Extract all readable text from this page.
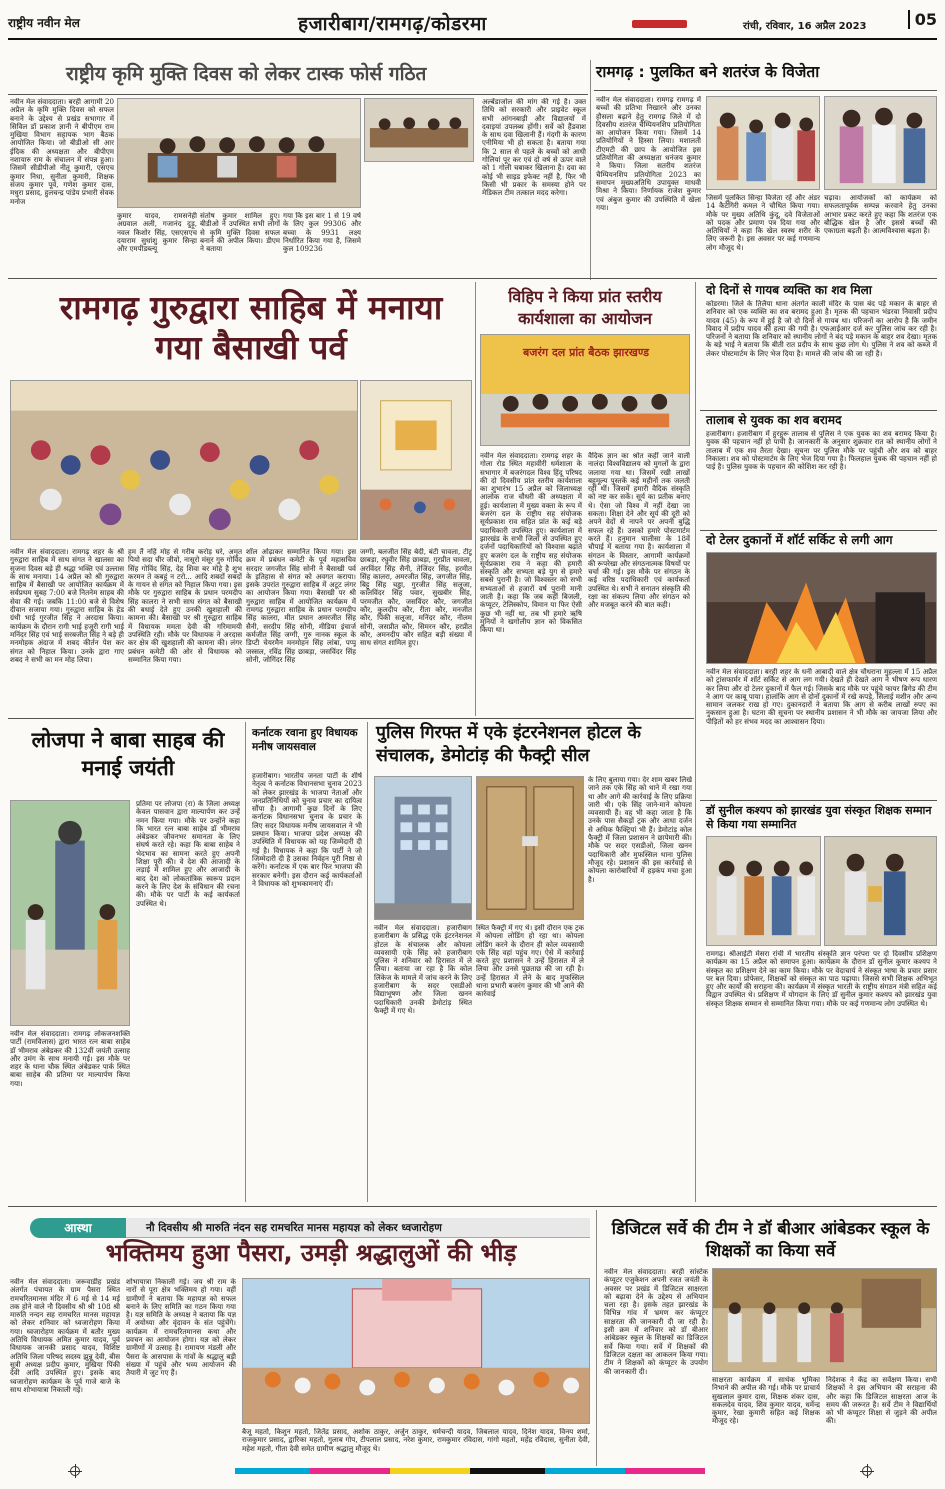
राष्ट्रीय नवीन मेल	हजारीबाग/रामगढ़/कोडरमा	रांची, रविवार, 16 अप्रैल 2023	05
राष्ट्रीय कृमि मुक्ति दिवस को लेकर टास्क फोर्स गठित
नवीन मेल संवाददाता। बरही आगामी 20 अप्रैल के कृमि मुक्ति दिवस को सफल बनाने के उद्देश्य से प्रखंड सभागार में सिविल डॉ प्रकाश ज्ञानी ने बीपीएम राम मुखिया विभाग सहायक भाग बैठक आयोजित किया। जो बीडीओ सी आर ईदिक की अध्यक्षता और बीपीएम नशायारु राम के संचालन में संपन्न हुआ। जिसमें सीडीपीओ नीतू कुमारी, एसएच कुमार निधा, सुनीता कुमारी, शिक्षक संजय कुमार पूर्व, गणेश कुमार दास, मधुरा प्रसाद, हुलचन्द्र पांडेय प्रभारी सेवक मनोज
कुमार यादव, रामसनेही अग्रवाल अली, गजानंद दुड़ू, नवल किशोर सिंह, एसएसएच दयाराम सुधांशु कुमार सिन्हा और एमपीडब्ल्यू
संतोष कुमार शामिल हुए। बीडीओ ने उपस्थित सभी लोगों से कृमि मुक्ति दिवस सफल बनाने की अपील किया। डीएम ने बताया
गया कि इस बार 1 से 19 वर्ष के लिए कुल 99306 और बच्चा के 9931 लक्ष्य निर्धारित किया गया है, जिसमे कुल 109236
अल्बेंडाजोल की मांग की गई है। उक्त तिथि को सरकारी और प्राइवेट स्कूल सभी आंगनबाड़ी और विद्यालयों में दवाइयां उपलब्ध होंगी। सर्वे को हैंडवाश के साथ दवा खिलानी हैं। गंदगी के कारण एनीमिया भी हो सकता है। बताया गया कि 2 साल से पहले के बच्चों को आधी गोलियां पूर कर एवं दो वर्ष से ऊपर वाले को 1 गोली चबाकर खिलाना है। दवा का कोई भी साइड इफेक्ट नहीं है, फिर भी किसी भी प्रकार के समस्या होने पर मेडिकल टीम तत्काल मदद करेगा।
रामगढ़ : पुलकित बने शतरंज के विजेता
नवीन मेल संवाददाता। रामगढ़ रामगढ़ में बच्चों की प्रतिभा निखारने और उनका हौसला बढ़ाने हेतु रामगढ़ जिले में दो दिवसीय शतरंज चैम्पियनशिप प्रतियोगिता का आयोजन किया गया। जिसमें 14 प्रतियोगियों ने हिस्सा लिया। मशालती टीएमटी की छाप के आयोजित इस प्रतियोगिता की अध्यक्षता धनंजय कुमार ने किया। जिला सतरीय शतरंज चैम्पियनशिप प्रतियोगिता 2023 का समापन मुख्यअतिथि उपायुक्त माधवी मिश्रा ने किया। निर्णायक राजेश कुमार एवं अंबुज कुमार की उपस्थिति में खेला गया।
जिसमें पुलकित सिन्हा विजेता रहें और अंडर 14 कैटेगिरी कमल ने चौथित किया गया। मौके पर मुख्य अतिथि कुंदू, दवे विजेताओं को पदक और प्रमाण पत्र दिया गया और अतिथियों ने कहा कि खेल स्वस्थ शरीर के लिए जरूरी है। इस अवसर पर कई गणमान्य लोग मौजूद थे।
चढ़ाव। आयोजकों को कार्यक्रम को सफलतापूर्वक सम्पन्न करवाने हेतु उनका आभार प्रकट करते हुए कहा कि शतरंज एक बौद्धिक खेल है और इससे बच्चों की एकाग्रता बढ़ती है। आत्मविश्वास बढ़ता है।
रामगढ़ गुरुद्वारा साहिब में मनाया गया बैसाखी पर्व
नवीन मेल संवाददाता। रामगढ़ शहर के श्री गुरुद्वारा साहिब में साथ संगत ने खालसा का सृजना दिवस बड़े ही श्रद्धा भक्ति एवं उल्लास के साथ मनाया। 14 अप्रैल को श्री गुरुद्वारा साहिब में बैसाखी पर आयोजित कार्यक्रम में सर्वप्रथम सुबह 7:00 बजे नितनेम साहब की सेवा की गई। जबकि 11:00 बजे से विशेष दीवान सजाया गया। गुरुद्वारा साहिब के हेड ग्रंथी भाई गुरजीत सिंह ने अरदास किया। कार्यक्रम के दौरान रागी भाई हजूरी रागी भाई मनिंदर सिंह एवं भाई सरबजीत सिंह ने बड़े ही मनमोहक अंदाज में शबद कीर्तन पेश कर संगत को निहाल किया। उनके द्वारा गाए शबद ने सभी का मन मोह लिया।
हम तैं नहिं मोह से गरीब करोड़ घरे, अमृत पियो सदा चीर जीवो, नासूरो मंसूर गुरु गोविंद सिंह गोविंद सिंह, देह शिवा बर मोहे है शुभ करमन ते कबहूं न टरो... आदि शबदों सबदों के गायन से संगत को निहाल किया गया। इस मौके पर गुरुद्वारा साहिब के प्रधान परमदीप सिंह कालरा ने सभी साध संगत को बैसाखी की बधाई देते हुए उनकी खुशहाली की कामना की। बैसाखी पर श्री गुरुद्वारा साहिब में विधायक ममता देवी की गरिमामयी उपस्थिति रही। मौके पर विधायक ने अरदास कर क्षेत्र की खुशहाली की कामना की। लंगर प्रबंधन कमेटी की ओर से विधायक को सम्मानित किया गया।
शॉल ओढ़ाकर सम्मानित किया गया। इस क्रम में प्रबंधन कमेटी के पूर्व महासचिव सरदार जगजीत सिंह सोनी ने बैसाखी पर्व के इतिहास से संगत को अवगत कराया। इसके उपरांत गुरुद्वारा साहिब में अटूट लंगर का आयोजन किया गया। बैसाखी पर श्री गुरुद्वारा साहिब में आयोजित कार्यक्रम में रामगढ़ गुरुद्वारा साहिब के प्रधान परमदीप सिंह कालरा, मीत प्रधान अमरजीत सिंह सैनी, सरदीप सिंह सोनी, मीडिया इंचार्ज कर्मजीत सिंह जग्गी, गुरु नानक स्कूल के डिप्टी चेयरमैन मनमोहन सिंह लांबा, पप्पू जस्सल, रविंद्र सिंह छाबड़ा, जसविंदर सिंह सोनी, जोगिंदर सिंह
जग्गी, बलजीत सिंह बेदी, बंटी चावला, टीटू छाबड़ा, रघुवीर सिंह छाबड़ा, गुरप्रीत चावला, अरविंदर सिंह सैनी, तेजिंदर सिंह, हरमीत सिंह कालरा, अमरजीत सिंह, जगजीत सिंह, बिट्टू सिंह चड्ढा, गुरजीत सिंह सलूजा, कालविंदर सिंह पवार, सुखबीर सिंह, परमजीत कौर, जसविंदर कौर, जगजीत कौर, कुलदीप कौर, रीता कौर, मनजीत कौर, पिंकी सलूजा, मनिंदर कौर, नीलम सोनी, जसप्रीत कौर, सिमरन कौर, हरप्रीत कौर, अमनदीप कौर सहित बड़ी संख्या में साध संगत शामिल हुए।
विहिप ने किया प्रांत स्तरीय कार्यशाला का आयोजन
बजरंग दल प्रांत बैठक झारखण्ड
नवीन मेल संवाददाता। रामगढ़ शहर के गोला रोड स्थित महावीरी धर्मशाला के सभागार में बजरंगदल विश्व हिंदू परिषद की दो दिवसीय प्रांत स्तरीय कार्यशाला का शुभारंभ 15 अप्रैल को जिलाध्यक्ष आलोक राज चौधरी की अध्यक्षता में हुई। कार्यशाला में मुख्य वक्ता के रूप में बजरंग दल के राष्ट्रीय सह संयोजक सूर्यप्रकाश राव सहित प्रांत के कई बड़े पदाधिकारी उपस्थित हुए। कार्यशाला में झारखंड के सभी जिलों से उपस्थित हुए दर्जनों पदाधिकारियों को विश्वास बढ़ाते हुए बजरंग दल के राष्ट्रीय सह संयोजक सूर्यप्रकाश राव ने कहा की हमारी संस्कृति और सभ्यता बड़े युग से हमारे सबसे पुरानी है। जो विश्वस्तर को सभी सभ्यताओं से हजारों वर्ष पुरानी मानी जाती है। कहा कि जब कहीं बिजली, कंप्यूटर, टेलिस्कोप, विमान या फिर ऐसी कुछ भी नहीं था, तब भी हमारे ऋषि मुनियों ने खगोलीय ज्ञान को विकसित किया था।
वैदिक ज्ञान का श्रोत कहीं जाने वाली नालंदा विश्वविद्यालय को मुगलों के द्वारा जलाया गया था। जिसमें रखी लाखों बहुमूल्य पुस्तकें कई महीनों तक जलती रहीं थीं। जिसमें हमारी वैदिक संस्कृति को नष्ट कर सकें। सूर्य का प्रतीक बनाए थे। ऐसा जो विश्व में नहीं देखा जा सकता। शिक्षा देने और सूर्य की दूरी को अपने वेदों से नापने पर अपनी बुद्धि सफल रहे हैं। उसको हमारे पोस्टमार्टम करते हैं। हनुमान चालीसा के 18वें चौपाई में बताया गया है। कार्यशाला में संगठन के विस्तार, आगामी कार्यक्रमों की रूपरेखा और संगठनात्मक विषयों पर चर्चा की गई। इस मौके पर संगठन के कई वरिष्ठ पदाधिकारी एवं कार्यकर्ता उपस्थित थे। सभी ने सनातन संस्कृति की रक्षा का संकल्प लिया और संगठन को और मजबूत करने की बात कही।
दो दिनों से गायब व्यक्ति का शव मिला
कोडरमा। जिले के तिलैया थाना अंतर्गत काली मंदिर के पास बंद पड़े मकान के बाहर से शनिवार को एक व्यक्ति का शव बरामद हुआ है। मृतक की पहचान भंडरवा निवासी प्रदीप यादव (45) के रूप में हुई है जो दो दिनों से गायब था। परिजनों का आरोप है कि जमीन विवाद में प्रदीप यादव की हत्या की गयी है। एफआईआर दर्ज कर पुलिस जांच कर रही है। परिजनों ने बताया कि शनिवार को स्थानीय लोगों ने बंद पड़े मकान के बाहर शव देखा। मृतक के बड़े भाई ने बताया कि बीती रात प्रदीप के साथ कुछ लोग थे। पुलिस ने शव को कब्जे में लेकर पोस्टमार्टम के लिए भेज दिया है। मामले की जांच की जा रही है।
तालाब से युवक का शव बरामद
हजारीबाग। हजारीबाग में हुरहुरू तालाब से पुलिस ने एक युवक का शव बरामद किया है। युवक की पहचान नहीं हो पायी है। जानकारी के अनुसार शुक्रवार रात को स्थानीय लोगों ने तालाब में एक शव तैरता देखा। सूचना पर पुलिस मौके पर पहुंची और शव को बाहर निकाला। शव को पोस्टमार्टम के लिए भेज दिया गया है। फिलहाल युवक की पहचान नहीं हो पाई है। पुलिस युवक के पहचान की कोशिश कर रही है।
दो टेलर दुकानों में शॉर्ट सर्किट से लगी आग
नवीन मेल संवाददाता। बरही शहर के धनी आबादी वाले क्षेत्र चौधराना मुहल्ला में 15 अप्रैल को ट्रांसफार्मर में शॉर्ट सर्किट से आग लग गयी। देखते ही देखते आग ने भीषण रूप धारण कर लिया और दो टेलर दुकानों में फैल गई। जिसके बाद मौके पर पहुंचे फायर ब्रिगेड की टीम ने आग पर काबू पाया। हालांकि आग से दोनों दुकानों में रखे कपड़े, सिलाई मशीन और अन्य सामान जलकर राख हो गए। दुकानदारों ने बताया कि आग से करीब लाखों रुपए का नुकसान हुआ है। घटना की सूचना पर स्थानीय प्रशासन ने भी मौके का जायजा लिया और पीड़ितों को हर संभव मदद का आश्वासन दिया।
डॉ सुनील कश्यप को झारखंड युवा संस्कृत शिक्षक सम्मान से किया गया सम्मानित
रामगढ़। श्रीआईटी मेसरा रांची में भारतीय संस्कृति ज्ञान परंपरा पर दो दिवसीय प्रशिक्षण कार्यक्रम का 15 अप्रैल को समापन हुआ। कार्यक्रम के दौरान डॉ सुनील कुमार कश्यप ने संस्कृत का प्रशिक्षण देने का काम किया। मौके पर वेदाचार्य ने संस्कृत भाषा के प्रचार प्रसार पर बल दिया। प्रोफेसर, शिक्षकों को संस्कृत का पाठ पढ़ाया। जिससे सभी शिक्षक अभिभूत हुए और कार्यों की सराहना की। कार्यक्रम में संस्कृत भारती के राष्ट्रीय संगठन मंत्री सहित कई विद्वान उपस्थित थे। प्रशिक्षण में योगदान के लिए डॉ सुनील कुमार कश्यप को झारखंड युवा संस्कृत शिक्षक सम्मान से सम्मानित किया गया। मौके पर कई गणमान्य लोग उपस्थित थे।
लोजपा ने बाबा साहब की मनाई जयंती
नवीन मेल संवाददाता। रामगढ़ लोकजनशक्ति पार्टी (रामविलास) द्वारा भारत रत्न बाबा साहेब डॉ भीमराव अंबेडकर की 132वीं जयंती उत्साह और उमंग के साथ मनायी गई। इस मौके पर शहर के थाना चौक स्थित अंबेडकर पार्क स्थित बाबा साहेब की प्रतिमा पर माल्यार्पण किया गया।
प्रतिमा पर लोजपा (रा) के जिला अध्यक्ष केवल पासवान द्वारा माल्यार्पण कर उन्हें नमन किया गया। मौके पर उन्होंने कहा कि भारत रत्न बाबा साहेब डॉ भीमराव अंबेडकर जीवनभर समानता के लिए संघर्ष करते रहे। कहा कि बाबा साहेब ने भेदभाव का सामना करते हुए अपनी शिक्षा पूरी की। वे देश की आजादी के लड़ाई में शामिल हुए और आजादी के बाद देश को लोकतांत्रिक स्वरूप प्रदान करने के लिए देश के संविधान की रचना की। मौके पर पार्टी के कई कार्यकर्ता उपस्थित थे।
कर्नाटक रवाना हुए विधायक मनीष जायसवाल
हजारीबाग। भारतीय जनता पार्टी के शीर्ष नेतृत्व ने कर्नाटक विधानसभा चुनाव 2023 को लेकर झारखंड के भाजपा नेताओं और जनप्रतिनिधियों को चुनाव प्रचार का दायित्व सौंपा है। आगामी कुछ दिनों के लिए कर्नाटक विधानसभा चुनाव के प्रचार के लिए सदर विधायक मनीष जायसवाल ने भी प्रस्थान किया। भाजपा प्रदेश अध्यक्ष की उपस्थिति में विधायक को यह जिम्मेदारी दी गई है। विधायक ने कहा कि पार्टी ने जो जिम्मेदारी दी है उसका निर्वहन पूरी निष्ठा से करेंगे। कर्नाटक में एक बार फिर भाजपा की सरकार बनेगी। इस दौरान कई कार्यकर्ताओं ने विधायक को शुभकामनाएं दीं।
पुलिस गिरफ्त में एके इंटरनेशनल होटल के संचालक, डेमोटांड़ की फैक्ट्री सील
नवीन मेल संवाददाता। हजारीबाग हजारीबाग के प्रसिद्ध एके इंटरनेशनल होटल के संचालक और कोयला व्यवसायी एके सिंह को हजारीबाग पुलिस ने शनिवार को हिरासत में ले लिया। बताया जा रहा है कि कोल लिंकेज के मामले में जांच करने के लिए हजारीबाग के सदर एसडीओ विद्याभूषण और जिला खनन पदाधिकारी उनकी डेमोटांड़ स्थित फैक्ट्री में गए थे।
स्थित फैक्ट्री में गए थे। इसी दौरान एक ट्रक में कोयला लोडिंग हो रहा था। कोयला लोडिंग करने के दौरान ही कोल व्यवसायी एके सिंह वहां पहुंच गए। ऐसे में कार्रवाई करते हुए प्रशासन ने उन्हें हिरासत में ले लिया और उनसे पूछताछ की जा रही है। उन्हें हिरासत में लेने के बाद मुफस्सिल थाना प्रभारी बजरंग कुमार की भी आने की कार्रवाई
के लिए बुलाया गया। देर शाम खबर लिखे जाने तक एके सिंह को थाने में रखा गया था और आगे की कार्रवाई के लिए प्रक्रिया जारी थी। एके सिंह जाने-माने कोयला व्यवसायी हैं। वह भी कहा जाता है कि उनके पास सैकड़ों ट्रक और आधा दर्जन से अधिक फैक्ट्रियां भी हैं। डेमोटांड़ कोल फैक्ट्री में जिला प्रशासन ने छापेमारी की। मौके पर सदर एसडीओ, जिला खनन पदाधिकारी और मुफस्सिल थाना पुलिस मौजूद रहे। प्रशासन की इस कार्रवाई से कोयला कारोबारियों में हड़कंप मचा हुआ है।
आस्था	नौ दिवसीय श्री मारुति नंदन सह रामचरित मानस महायज्ञ को लेकर ध्वजारोहण
भक्तिमय हुआ पैसरा, उमड़ी श्रद्धालुओं की भीड़
नवीन मेल संवाददाता। जरूवाडीह प्रखंड अंतर्गत पंचायत के ग्राम पैसरा स्थित रामचरितमानस मंदिर में 6 मई से 14 मई तक होने वाले नौ दिवसीय श्री श्री 108 श्री मारुति नन्दन सह रामचरित मानस महायज्ञ को लेकर शनिवार को ध्वजारोहण किया गया। ध्वजारोहण कार्यक्रम में बतौर मुख्य अतिथि विधायक अमित कुमार यादव, पूर्व विधायक जानकी प्रसाद यादव, विशिष्ट अतिथि जिला परिषद सदस्य झुन्नू देवी, बीस सूत्री अध्यक्ष प्रदीप कुमार, मुखिया पिंकी देवी आदि उपस्थित हुए। इसके बाद ध्वजारोहण कार्यक्रम के पूर्व गाजे बाजे के साथ शोभायात्रा निकाली गई।
शोभायात्रा निकाली गई। जय श्री राम के नारों से पूरा क्षेत्र भक्तिमय हो गया। वहीं ग्रामीणों ने बताया कि महायज्ञ को सफल बनाने के लिए समिति का गठन किया गया है। यज्ञ समिति के अध्यक्ष ने बताया कि यज्ञ में अयोध्या और वृंदावन के संत पहुंचेंगे। कार्यक्रम में रामचरितमानस कथा और प्रवचन का आयोजन होगा। यज्ञ को लेकर ग्रामीणों में उत्साह है। रामायण मंडली और पैसरा के आसपास के गांवों के श्रद्धालु बड़ी संख्या में पहुंचे और भव्य आयोजन की तैयारी में जुट गए हैं।
बैजू महतो, किशुन महतो, जितेंद्र प्रसाद, अशोक ठाकुर, अर्जुन ठाकुर, धर्मचन्दी यादव, जिबलाल यादव, दिनेश यादव, विनय शर्मा, राजकुमार प्रसाद, द्वारिका महतो, गुलाब गोप, टीपलाल प्रसाद, नरेश कुमार, रामकुमार रविदास, गांगो महतो, महेंद्र रविदास, सुनीता देवी, महेश महतो, गीता देवी समेत ग्रामीण श्रद्धालु मौजूद थे।
डिजिटल सर्वे की टीम ने डॉ बीआर आंबेडकर स्कूल के शिक्षकों का किया सर्वे
नवीन मेल संवाददाता। बरही सांस्टेक कंप्यूटर एजुकेशन अपनी रजत जयंती के अवसर पर प्रखंड में डिजिटल साक्षरता को बढ़ावा देने के उद्देश्य से अभियान चला रहा है। इसके तहत झारखंड के विभिन्न गांव में भ्रमण कर कंप्यूटर साक्षरता की जानकारी दी जा रही है। इसी क्रम में शनिवार को डॉ बीआर आंबेडकर स्कूल के शिक्षकों का डिजिटल सर्वे किया गया। सर्वे में शिक्षकों की डिजिटल दक्षता का आकलन किया गया। टीम ने शिक्षकों को कंप्यूटर के उपयोग की जानकारी दी।
साक्षरता कार्यक्रम में सार्थक भूमिका निभाने की अपील की गई। मौके पर प्राचार्य सुखलाल कुमार दास, शिक्षक शंकर दास, सकलदेव यादव, शिव कुमार यादव, धर्मेन्द्र कुमार, रेखा कुमारी सहित कई शिक्षक मौजूद रहे।
निदेशक ने केंद्र का सर्वेक्षण किया। सभी शिक्षकों ने इस अभियान की सराहना की और कहा कि डिजिटल साक्षरता आज के समय की जरूरत है। सर्वे टीम ने विद्यार्थियों को भी कंप्यूटर शिक्षा से जुड़ने की अपील की।
